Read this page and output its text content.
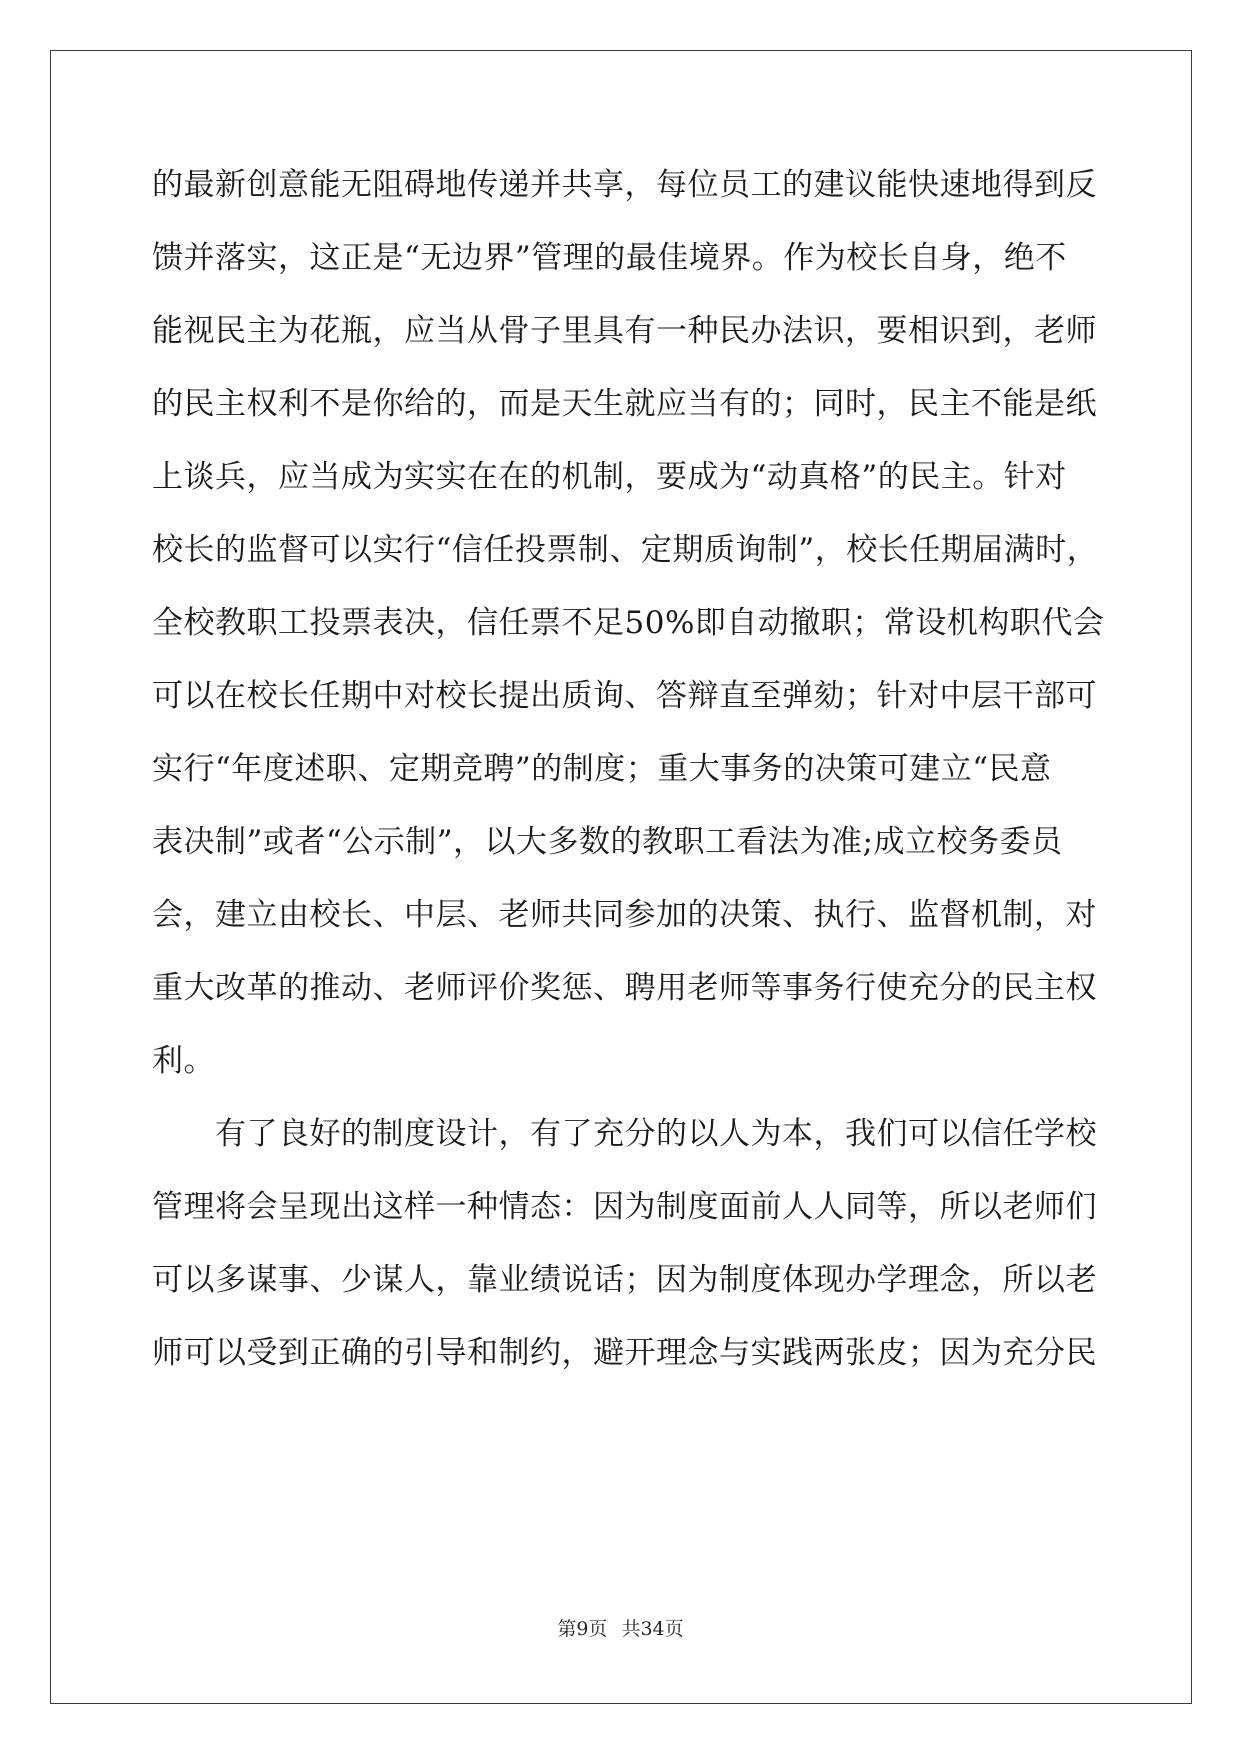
的最新创意能无阻碍地传递并共享，每位员工的建议能快速地得到反
馈并落实，这正是“无边界”管理的最佳境界。作为校长自身，绝不
能视民主为花瓶，应当从骨子里具有一种民办法识，要相识到，老师
的民主权利不是你给的，而是天生就应当有的；同时，民主不能是纸
上谈兵，应当成为实实在在的机制，要成为“动真格”的民主。针对
校长的监督可以实行“信任投票制、定期质询制”，校长任期届满时，
全校教职工投票表决，信任票不足50%即自动撤职；常设机构职代会
可以在校长任期中对校长提出质询、答辩直至弹劾；针对中层干部可
实行“年度述职、定期竞聘”的制度；重大事务的决策可建立“民意
表决制”或者“公示制”，以大多数的教职工看法为准;成立校务委员
会，建立由校长、中层、老师共同参加的决策、执行、监督机制，对
重大改革的推动、老师评价奖惩、聘用老师等事务行使充分的民主权
利。
　　有了良好的制度设计，有了充分的以人为本，我们可以信任学校
管理将会呈现出这样一种情态：因为制度面前人人同等，所以老师们
可以多谋事、少谋人，靠业绩说话；因为制度体现办学理念，所以老
师可以受到正确的引导和制约，避开理念与实践两张皮；因为充分民
第9页 共34页
